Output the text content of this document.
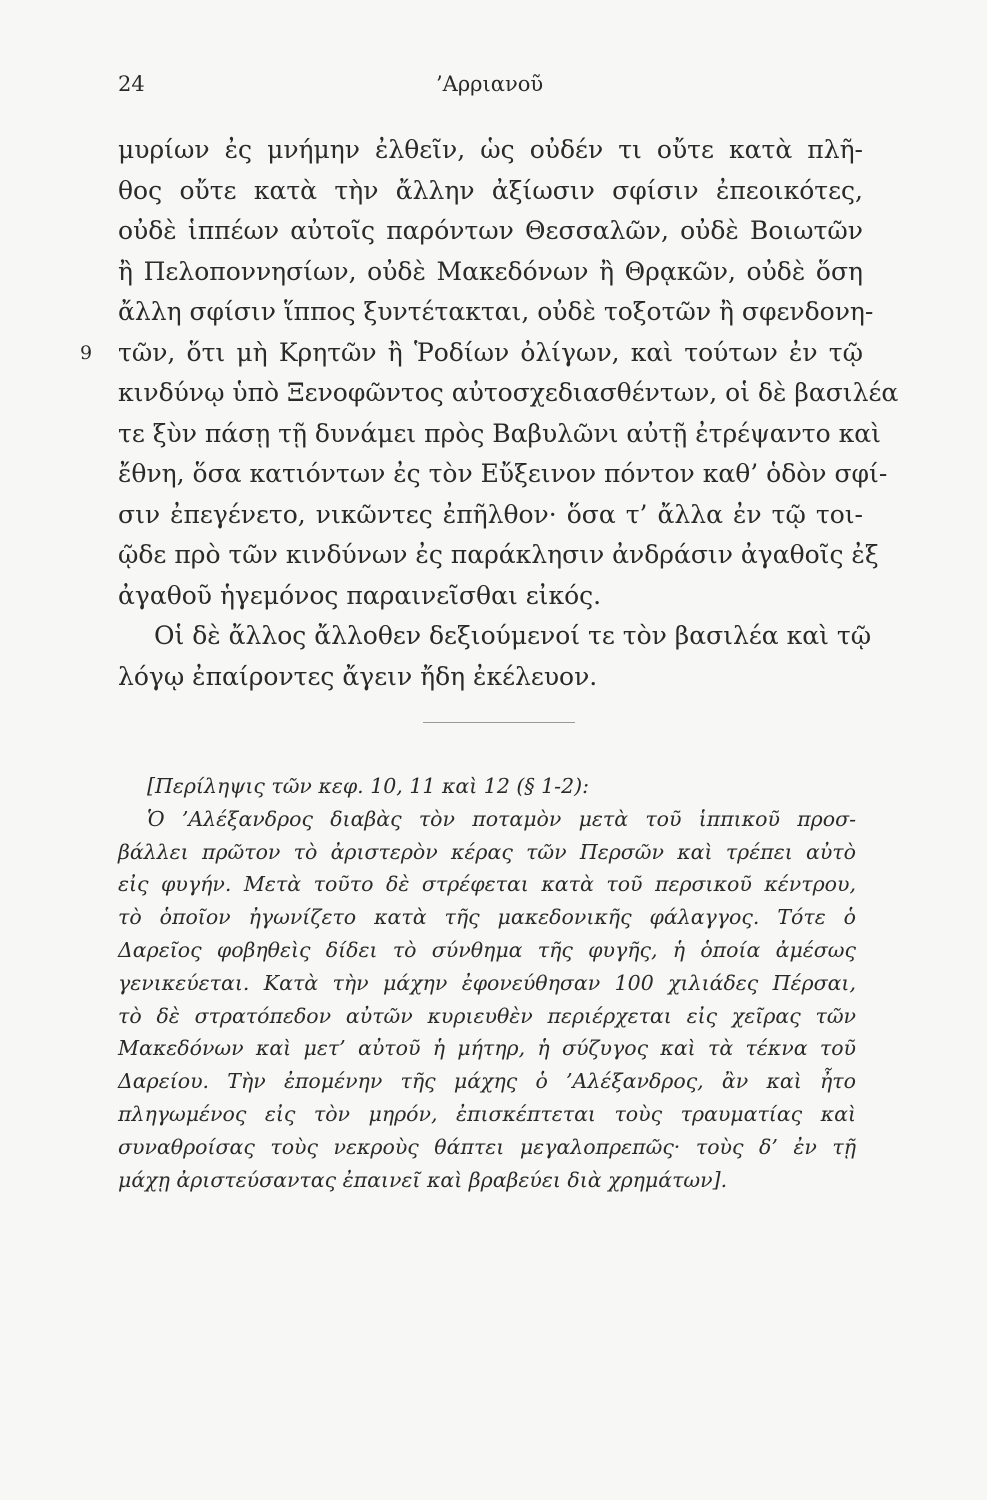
24	’Αρριανοῦ
μυρίων ἐς μνήμην ἐλθεῖν, ὡς οὐδέν τι οὔτε κατὰ πλῆ-
θος οὔτε κατὰ τὴν ἄλλην ἀξίωσιν σφίσιν ἐπεοικότες,
οὐδὲ ἱππέων αὐτοῖς παρόντων Θεσσαλῶν, οὐδὲ Βοιωτῶν
ἢ Πελοποννησίων, οὐδὲ Μακεδόνων ἢ Θρᾳκῶν, οὐδὲ ὅση
ἄλλη σφίσιν ἵππος ξυντέτακται, οὐδὲ τοξοτῶν ἢ σφενδονη-
9 τῶν, ὅτι μὴ Κρητῶν ἢ Ῥοδίων ὀλίγων, καὶ τούτων ἐν τῷ
κινδύνῳ ὑπὸ Ξενοφῶντος αὐτοσχεδιασθέντων, οἱ δὲ βασιλέα
τε ξὺν πάσῃ τῇ δυνάμει πρὸς Βαβυλῶνι αὐτῇ ἐτρέψαντο καὶ
ἔθνη, ὅσα κατιόντων ἐς τὸν Εὔξεινον πόντον καθ’ ὁδὸν σφί-
σιν ἐπεγένετο, νικῶντες ἐπῆλθον· ὅσα τ’ ἄλλα ἐν τῷ τοι-
ῷδε πρὸ τῶν κινδύνων ἐς παράκλησιν ἀνδράσιν ἀγαθοῖς ἐξ
ἀγαθοῦ ἡγεμόνος παραινεῖσθαι εἰκός.
Οἱ δὲ ἄλλος ἄλλοθεν δεξιούμενοί τε τὸν βασιλέα καὶ τῷ
λόγῳ ἐπαίροντες ἄγειν ἤδη ἐκέλευον.
[Περίληψις τῶν κεφ. 10, 11 καὶ 12 (§ 1-2):
Ὁ ’Αλέξανδρος διαβὰς τὸν ποταμὸν μετὰ τοῦ ἱππικοῦ προσ-
βάλλει πρῶτον τὸ ἀριστερὸν κέρας τῶν Περσῶν καὶ τρέπει αὐτὸ
εἰς φυγήν. Μετὰ τοῦτο δὲ στρέφεται κατὰ τοῦ περσικοῦ κέντρου,
τὸ ὁποῖον ἠγωνίζετο κατὰ τῆς μακεδονικῆς φάλαγγος. Τότε ὁ
Δαρεῖος φοβηθεὶς δίδει τὸ σύνθημα τῆς φυγῆς, ἡ ὁποία ἀμέσως
γενικεύεται. Κατὰ τὴν μάχην ἐφονεύθησαν 100 χιλιάδες Πέρσαι,
τὸ δὲ στρατόπεδον αὐτῶν κυριευθὲν περιέρχεται εἰς χεῖρας τῶν
Μακεδόνων καὶ μετ’ αὐτοῦ ἡ μήτηρ, ἡ σύζυγος καὶ τὰ τέκνα τοῦ
Δαρείου. Τὴν ἐπομένην τῆς μάχης ὁ ’Αλέξανδρος, ἂν καὶ ἦτο
πληγωμένος εἰς τὸν μηρόν, ἐπισκέπτεται τοὺς τραυματίας καὶ
συναθροίσας τοὺς νεκροὺς θάπτει μεγαλοπρεπῶς· τοὺς δ’ ἐν τῇ
μάχῃ ἀριστεύσαντας ἐπαινεῖ καὶ βραβεύει διὰ χρημάτων].
